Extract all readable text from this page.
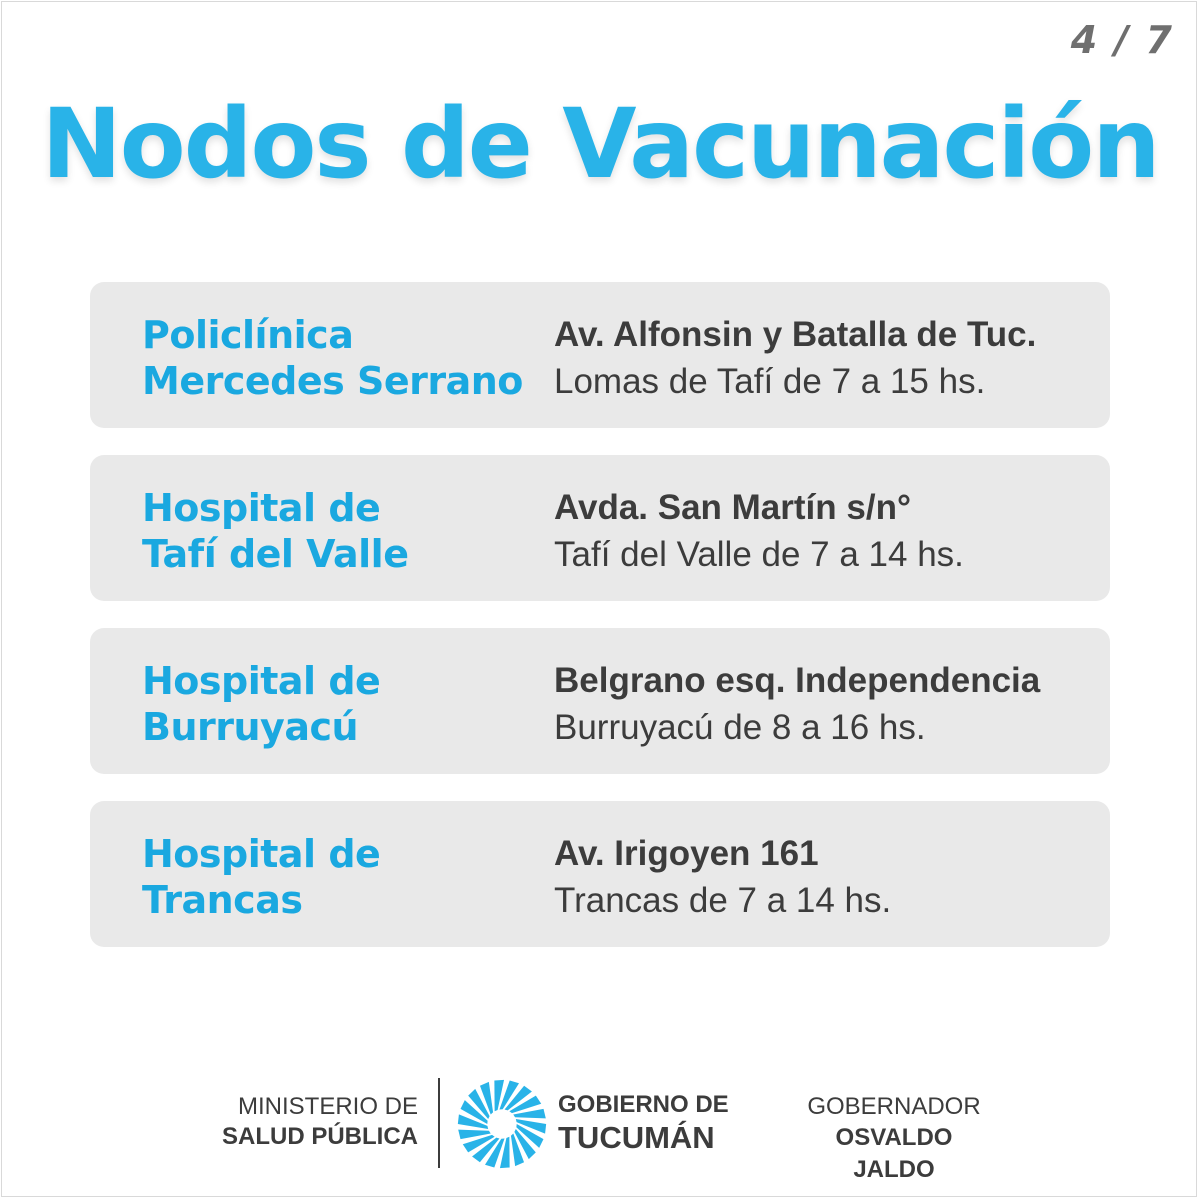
4 / 7
Nodos de Vacunación
Policlínica
Mercedes Serrano
Av. Alfonsin y Batalla de Tuc.
Lomas de Tafí de 7 a 15 hs.
Hospital de
Tafí del Valle
Avda. San Martín s/n°
Tafí del Valle de 7 a 14 hs.
Hospital de
Burruyacú
Belgrano esq. Independencia
Burruyacú de 8 a 16 hs.
Hospital de
Trancas
Av. Irigoyen 161
Trancas de 7 a 14 hs.
MINISTERIO DE
SALUD PÚBLICA
GOBIERNO DE
TUCUMÁN
GOBERNADOR
OSVALDO JALDO
